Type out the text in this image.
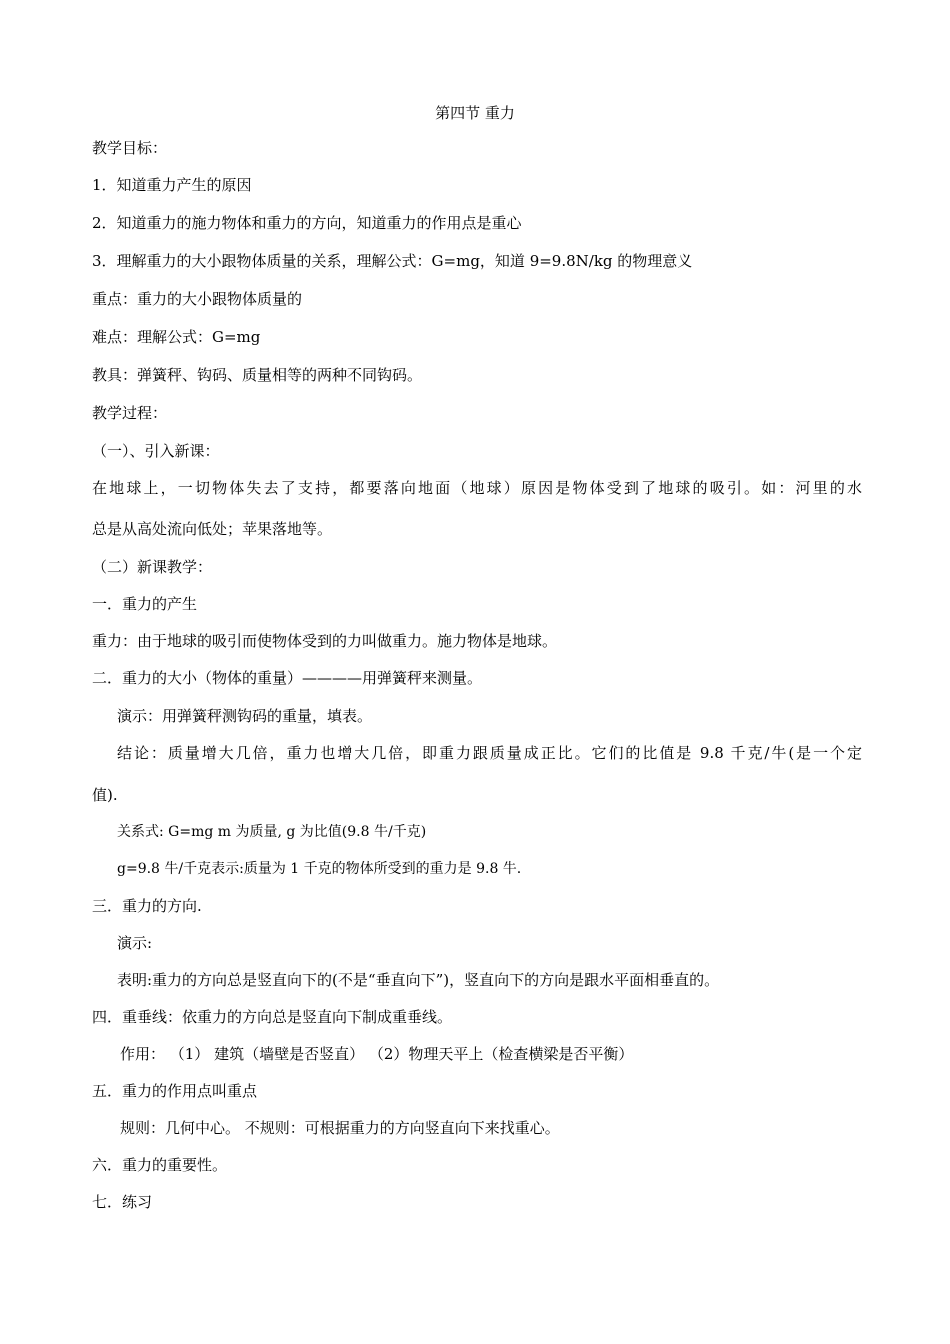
第四节 重力
教学目标：
1．知道重力产生的原因
2．知道重力的施力物体和重力的方向，知道重力的作用点是重心
3．理解重力的大小跟物体质量的关系，理解公式：G=mg，知道 9=9.8N/kg 的物理意义
重点：重力的大小跟物体质量的
难点：理解公式：G=mg
教具：弹簧秤、钩码、质量相等的两种不同钩码。
教学过程：
（一）、引入新课：
在地球上，一切物体失去了支持，都要落向地面（地球）原因是物体受到了地球的吸引。如：河里的水
总是从高处流向低处；苹果落地等。
（二）新课教学：
一．重力的产生
重力：由于地球的吸引而使物体受到的力叫做重力。施力物体是地球。
二．重力的大小（物体的重量）————用弹簧秤来测量。
演示：用弹簧秤测钩码的重量，填表。
结论：质量增大几倍，重力也增大几倍，即重力跟质量成正比。它们的比值是 9.8 千克/牛(是一个定
值).
关系式: G=mg m 为质量, g 为比值(9.8 牛/千克)
g=9.8 牛/千克表示:质量为 1 千克的物体所受到的重力是 9.8 牛.
三．重力的方向.
演示:
表明:重力的方向总是竖直向下的(不是“垂直向下”)，竖直向下的方向是跟水平面相垂直的。
四．重垂线：依重力的方向总是竖直向下制成重垂线。
作用： （1） 建筑（墙壁是否竖直） （2）物理天平上（检查横梁是否平衡）
五．重力的作用点叫重点
规则：几何中心。 不规则：可根据重力的方向竖直向下来找重心。
六．重力的重要性。
七．练习
